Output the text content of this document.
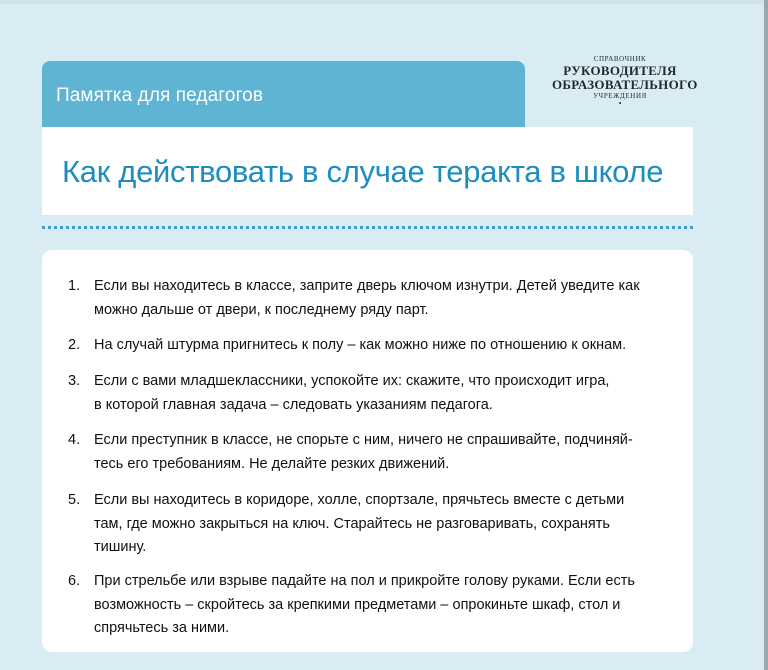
Памятка для педагогов
СПРАВОЧНИК
РУКОВОДИТЕЛЯ
ОБРАЗОВАТЕЛЬНОГО
УЧРЕЖДЕНИЯ
•
Как действовать в случае теракта в школе
1. Если вы находитесь в классе, заприте дверь ключом изнутри. Детей уведите как
можно дальше от двери, к последнему ряду парт.
2. На случай штурма пригнитесь к полу – как можно ниже по отношению к окнам.
3. Если с вами младшеклассники, успокойте их: скажите, что происходит игра,
в которой главная задача – следовать указаниям педагога.
4. Если преступник в классе, не спорьте с ним, ничего не спрашивайте, подчиняй-
тесь его требованиям. Не делайте резких движений.
5. Если вы находитесь в коридоре, холле, спортзале, прячьтесь вместе с детьми
там, где можно закрыться на ключ. Старайтесь не разговаривать, сохранять
тишину.
6. При стрельбе или взрыве падайте на пол и прикройте голову руками. Если есть
возможность – скройтесь за крепкими предметами – опрокиньте шкаф, стол и
спрячьтесь за ними.
